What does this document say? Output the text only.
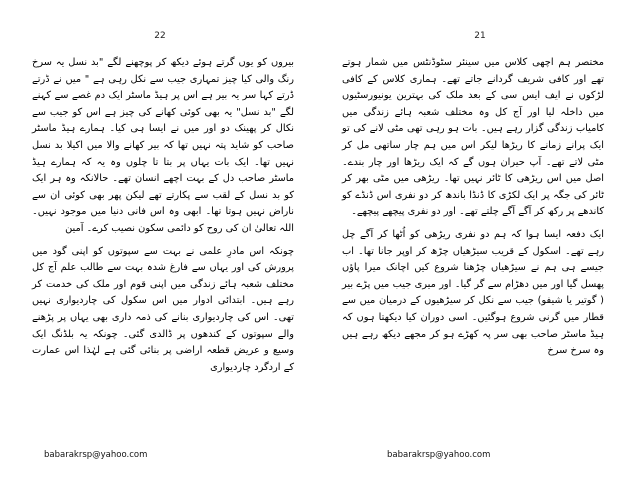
22

بیروں کو یوں گرتے ہوئے دیکھ کر پوچھنے لگے "بد نسل یہ سرخ رنگ والی کیا چیز تمہاری جیب سے نکل رہی ہے " میں نے ڈرتے ڈرتے کہا سر یہ بیر ہے اس پر ہیڈ ماسٹر ایک دم غصے سے کہنے لگے "بد نسل" یہ بھی کوئی کھانے کی چیز ہے اس کو جیب سے نکال کر پھینک دو اور میں نے ایسا ہی کیا۔ ہمارے ہیڈ ماسٹر صاحب کو شاید پتہ نہیں تھا کہ بیر کھانے والا میں اکیلا بد نسل نہیں تھا۔ ایک بات یہاں پر بتا تا چلوں وہ یہ کہ ہمارے ہیڈ ماسٹر صاحب دل کے بہت اچھے انسان تھے۔ حالانکہ وہ ہر ایک کو بد نسل کے لقب سے پکارتے تھے لیکن پھر بھی کوئی ان سے ناراض نہیں ہوتا تھا۔ ابھی وہ اس فانی دنیا میں موجود نہیں۔ اللہ تعالیٰ ان کی روح کو دائمی سکون نصیب کرے۔ آمین

چونکہ اس مادرِ علمی نے بہت سے سپوتوں کو اپنی گود میں پرورش کی اور یہاں سے فارغ شدہ بہت سے طالب علم آج کل مختلف شعبہ ہائے زندگی میں اپنی قوم اور ملک کی خدمت کر رہے ہیں۔ ابتدائی ادوار میں اس سکول کی چاردیواری نہیں تھی۔ اس کی چاردیواری بنانے کی ذمہ داری بھی یہاں پر پڑھنے والے سپوتوں کے کندھوں پر ڈالدی گئی۔ چونکہ یہ بلڈنگ ایک وسیع و عریض قطعہ اراضی پر بنائی گئی ہے لہٰذا اس عمارت کے اردگرد چاردیواری

babarakrsp@yahoo.com
21

مختصر ہم اچھی کلاس میں سینئر سٹوڈنٹس میں شمار ہوتے تھے اور کافی شریف گردانے جاتے تھے۔ ہماری کلاس کے کافی لڑکوں نے ایف ایس سی کے بعد ملک کی بہترین یونیورسٹیوں میں داخلہ لیا اور آج کل وہ مختلف شعبہ ہائے زندگی میں کامیاب زندگی گزار رہے ہیں۔ بات ہو رہی تھی مٹی لانے کی تو ایک پرانے زمانے کا ریڑھا لیکر اس میں ہم چار ساتھی مل کر مٹی لاتے تھے۔ آپ حیران ہوں گے کہ ایک ریڑھا اور چار بندے۔ اصل میں اس ریڑھی کا ٹائر نہیں تھا۔ ریڑھی میں مٹی بھر کر ٹائر کی جگہ پر ایک لکڑی کا ڈنڈا باندھ کر دو نفری اس ڈنڈے کو کاندھے پر رکھ کر آگے آگے چلتے تھے۔ اور دو نفری پیچھے پیچھے۔

ایک دفعہ ایسا ہوا کہ ہم دو نفری ریڑھی کو اُٹھا کر آگے چل رہے تھے۔ اسکول کے قریب سیڑھیاں چڑھ کر اوپر جانا تھا۔ اب جیسے ہی ہم نے سیڑھیاں چڑھنا شروع کیں اچانک میرا پاؤں پھسل گیا اور میں دھڑام سے گر گیا۔ اور میری جیب میں پڑے بیر ( گوتیر یا شیفو) جیب سے نکل کر سیڑھیوں کے درمیان میں سے قطار میں گرنی شروع ہوگئیں۔ اسی دوران کیا دیکھتا ہوں کہ ہیڈ ماسٹر صاحب بھی سر پہ کھڑے ہو کر مجھے دیکھ رہے ہیں وہ سرخ سرخ

babarakrsp@yahoo.com
